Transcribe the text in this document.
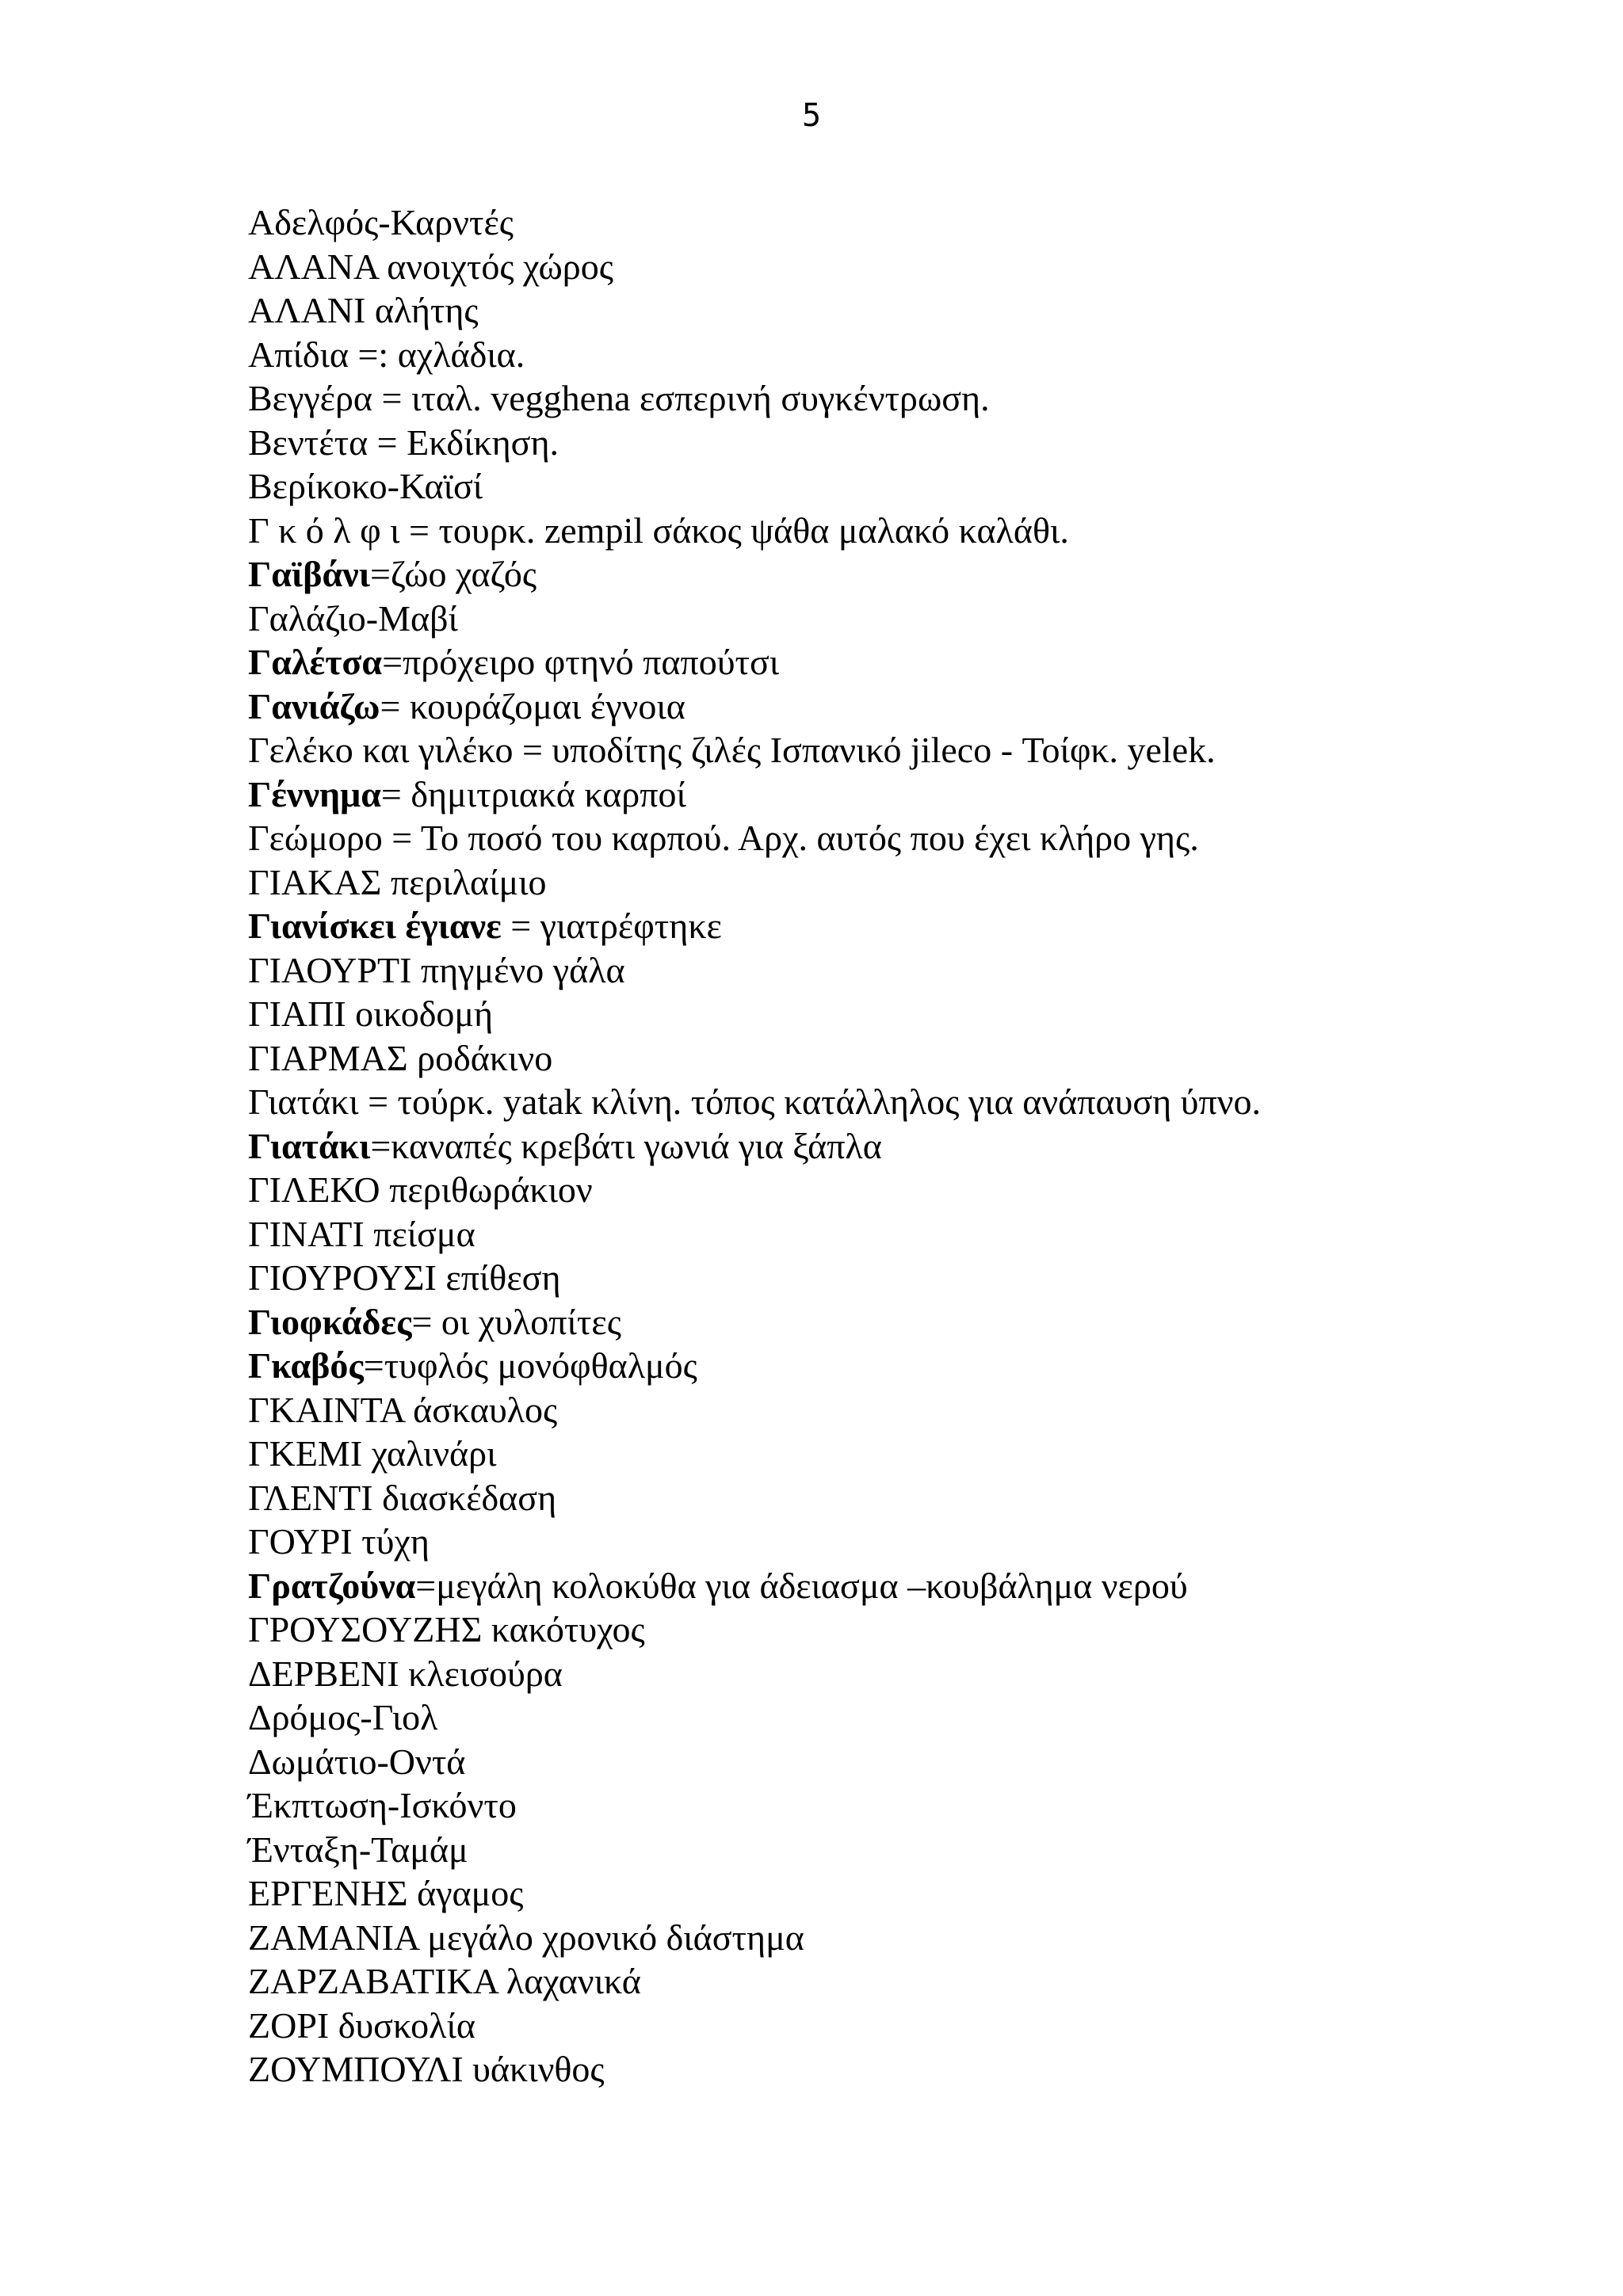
5
Αδελφός-Καρντές
ΑΛΑΝΑ ανοιχτός χώρος
ΑΛΑΝΙ αλήτης
Απίδια =: αχλάδια.
Βεγγέρα = ιταλ. vegghena εσπερινή συγκέντρωση.
Βεντέτα = Εκδίκηση.
Βερίκοκο-Καϊσί
Γ κ ό λ φ ι = τουρκ. zempil σάκος ψάθα μαλακό καλάθι.
Γαϊβάνι=ζώο χαζός
Γαλάζιο-Μαβί
Γαλέτσα=πρόχειρο φτηνό παπούτσι
Γανιάζω= κουράζομαι έγνοια
Γελέκο και γιλέκο = υποδίτης ζιλές Ισπανικό jileco - Τοίφκ. yelek.
Γέννημα= δημιτριακά καρποί
Γεώμορο = Το ποσό του καρπού. Αρχ. αυτός που έχει κλήρο γης.
ΓΙΑΚΑΣ περιλαίμιο
Γιανίσκει έγιανε = γιατρέφτηκε
ΓΙΑΟΥΡΤΙ πηγμένο γάλα
ΓΙΑΠΙ οικοδομή
ΓΙΑΡΜΑΣ ροδάκινο
Γιατάκι = τούρκ. yatak κλίνη. τόπος κατάλληλος για ανάπαυση ύπνο.
Γιατάκι=καναπές κρεβάτι γωνιά για ξάπλα
ΓΙΛΕΚΟ περιθωράκιον
ΓΙΝΑΤΙ πείσμα
ΓΙΟΥΡΟΥΣΙ επίθεση
Γιοφκάδες= οι χυλοπίτες
Γκαβός=τυφλός μονόφθαλμός
ΓΚΑΙΝΤΑ άσκαυλος
ΓΚΕΜΙ χαλινάρι
ΓΛΕΝΤΙ διασκέδαση
ΓΟΥΡΙ τύχη
Γρατζούνα=μεγάλη κολοκύθα για άδειασμα –κουβάλημα νερού
ΓΡΟΥΣΟΥΖΗΣ κακότυχος
ΔΕΡΒΕΝΙ κλεισούρα
Δρόμος-Γιολ
Δωμάτιο-Οντά
Έκπτωση-Ισκόντο
Ένταξη-Ταμάμ
ΕΡΓΕΝΗΣ άγαμος
ΖΑΜΑΝΙΑ μεγάλο χρονικό διάστημα
ΖΑΡΖΑΒΑΤΙΚΑ λαχανικά
ΖΟΡΙ δυσκολία
ΖΟΥΜΠΟΥΛΙ υάκινθος
